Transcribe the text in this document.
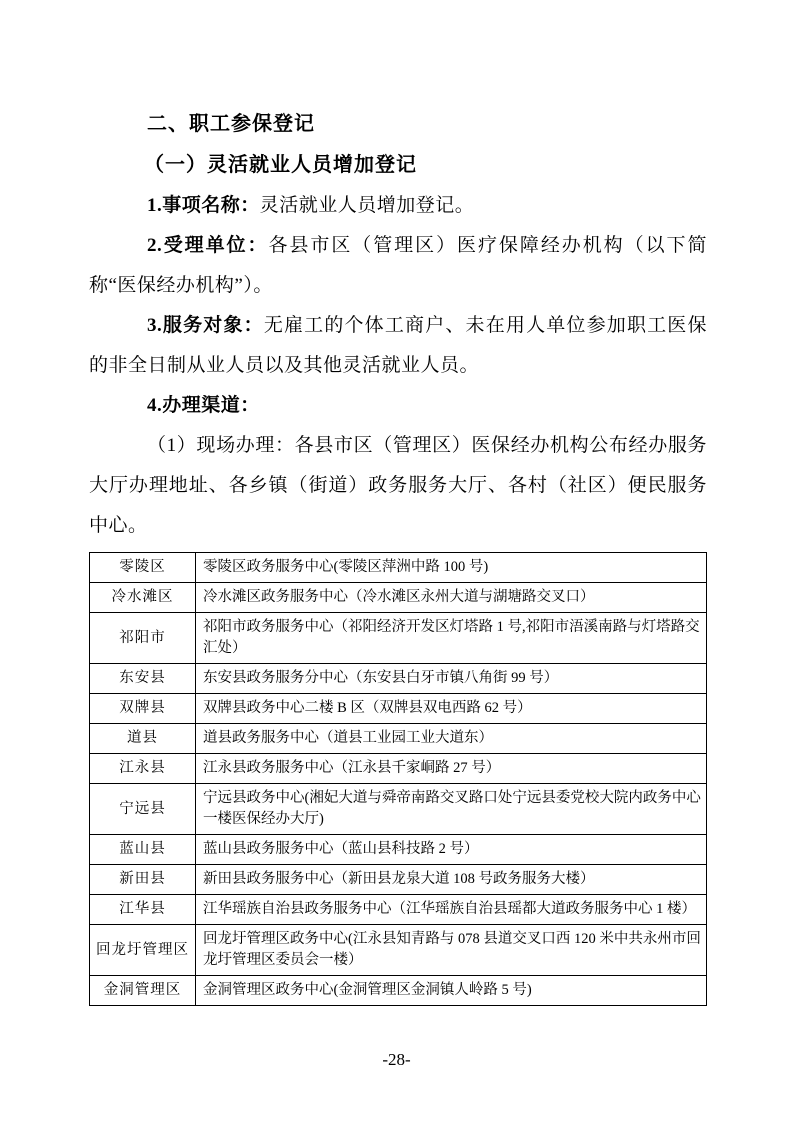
二、职工参保登记
（一）灵活就业人员增加登记

1.事项名称：灵活就业人员增加登记。

2.受理单位：各县市区（管理区）医疗保障经办机构（以下简称“医保经办机构”）。

3.服务对象：无雇工的个体工商户、未在用人单位参加职工医保的非全日制从业人员以及其他灵活就业人员。

4.办理渠道：

（1）现场办理：各县市区（管理区）医保经办机构公布经办服务大厅办理地址、各乡镇（街道）政务服务大厅、各村（社区）便民服务中心。

零陵区	零陵区政务服务中心(零陵区萍洲中路 100 号)
冷水滩区	冷水滩区政务服务中心（冷水滩区永州大道与湖塘路交叉口）
祁阳市	祁阳市政务服务中心（祁阳经济开发区灯塔路 1 号,祁阳市浯溪南路与灯塔路交汇处）
东安县	东安县政务服务分中心（东安县白牙市镇八角街 99 号）
双牌县	双牌县政务中心二楼 B 区（双牌县双电西路 62 号）
道县	道县政务服务中心（道县工业园工业大道东）
江永县	江永县政务服务中心（江永县千家峒路 27 号）
宁远县	宁远县政务中心(湘妃大道与舜帝南路交叉路口处宁远县委党校大院内政务中心一楼医保经办大厅)
蓝山县	蓝山县政务服务中心（蓝山县科技路 2 号）
新田县	新田县政务服务中心（新田县龙泉大道 108 号政务服务大楼）
江华县	江华瑶族自治县政务服务中心（江华瑶族自治县瑶都大道政务服务中心 1 楼）
回龙圩管理区	回龙圩管理区政务中心(江永县知青路与 078 县道交叉口西 120 米中共永州市回龙圩管理区委员会一楼）
金洞管理区	金洞管理区政务中心(金洞管理区金洞镇人岭路 5 号)
-28-
